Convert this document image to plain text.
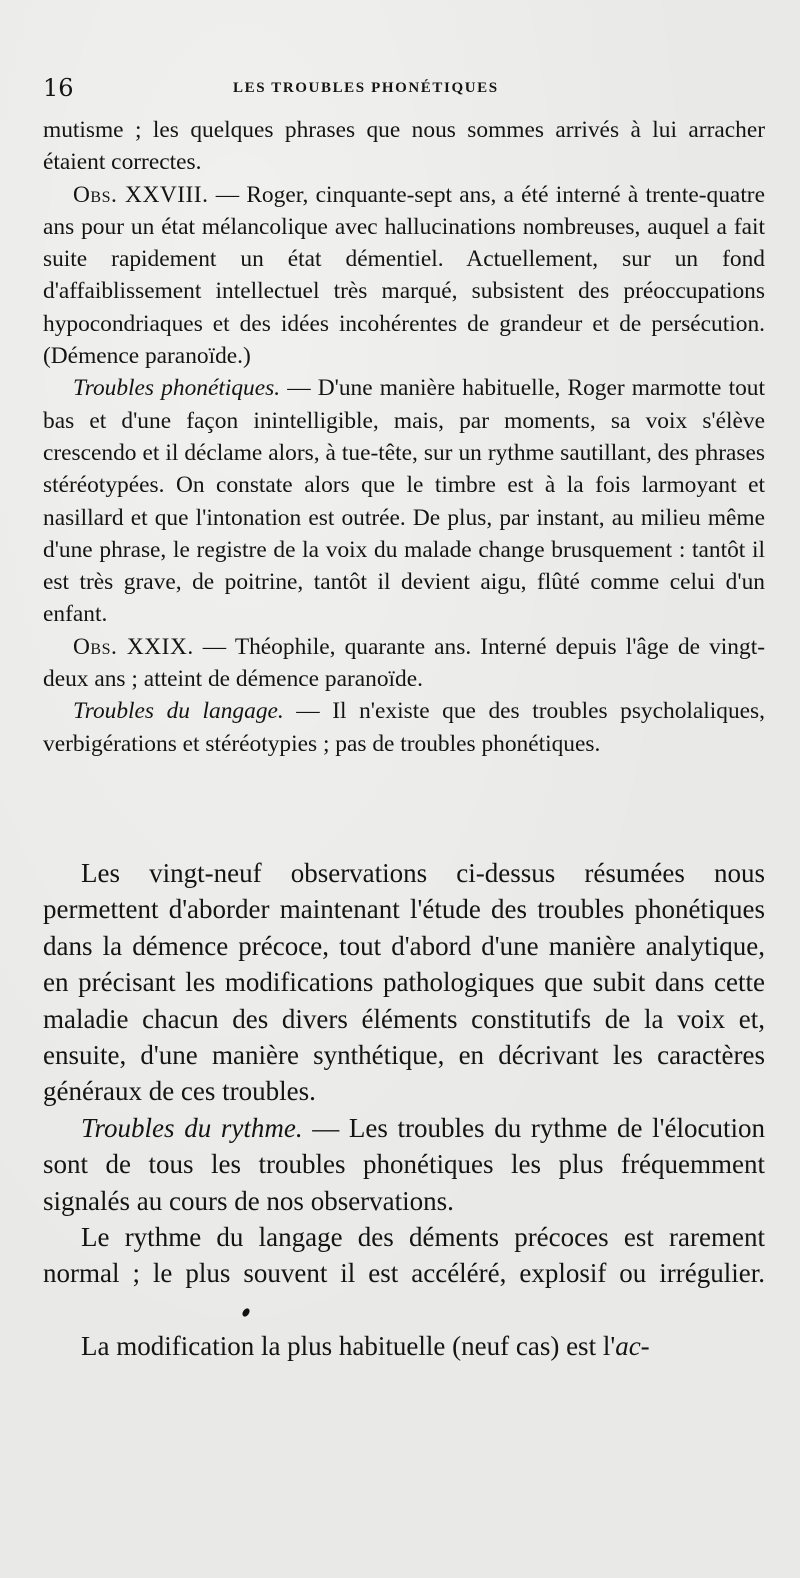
16	LES TROUBLES PHONÉTIQUES

mutisme ; les quelques phrases que nous sommes arrivés à lui arracher étaient correctes.

Obs. XXVIII. — Roger, cinquante-sept ans, a été interné à trente-quatre ans pour un état mélancolique avec hallucinations nombreuses, auquel a fait suite rapidement un état démentiel. Actuellement, sur un fond d'affaiblissement intellectuel très marqué, subsistent des préoccupations hypocondriaques et des idées incohérentes de grandeur et de persécution. (Démence paranoïde.)

Troubles phonétiques. — D'une manière habituelle, Roger marmotte tout bas et d'une façon inintelligible, mais, par moments, sa voix s'élève crescendo et il déclame alors, à tue-tête, sur un rythme sautillant, des phrases stéréotypées. On constate alors que le timbre est à la fois larmoyant et nasillard et que l'intonation est outrée. De plus, par instant, au milieu même d'une phrase, le registre de la voix du malade change brusquement : tantôt il est très grave, de poitrine, tantôt il devient aigu, flûté comme celui d'un enfant.

Obs. XXIX. — Théophile, quarante ans. Interné depuis l'âge de vingt-deux ans ; atteint de démence paranoïde.

Troubles du langage. — Il n'existe que des troubles psycholaliques, verbigérations et stéréotypies ; pas de troubles phonétiques.

Les vingt-neuf observations ci-dessus résumées nous permettent d'aborder maintenant l'étude des troubles phonétiques dans la démence précoce, tout d'abord d'une manière analytique, en précisant les modifications pathologiques que subit dans cette maladie chacun des divers éléments constitutifs de la voix et, ensuite, d'une manière synthétique, en décrivant les caractères généraux de ces troubles.

Troubles du rythme. — Les troubles du rythme de l'élocution sont de tous les troubles phonétiques les plus fréquemment signalés au cours de nos observations.

Le rythme du langage des déments précoces est rarement normal ; le plus souvent il est accéléré, explosif ou irrégulier.

La modification la plus habituelle (neuf cas) est l'ac-
